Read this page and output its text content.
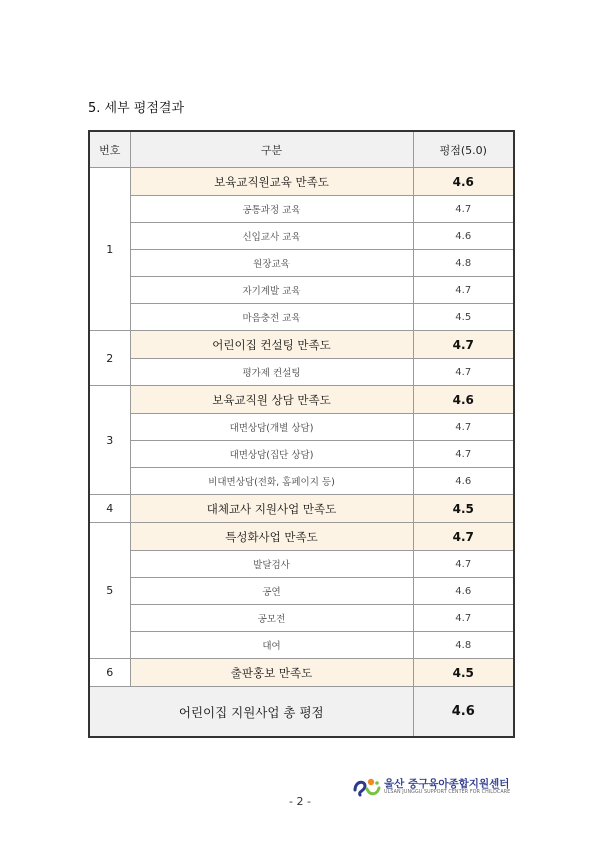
5. 세부 평점결과
번호	구분	평점(5.0)
1	보육교직원교육 만족도	4.6
	공통과정 교육	4.7
	신입교사 교육	4.6
	원장교육	4.8
	자기계발 교육	4.7
	마음충전 교육	4.5
2	어린이집 컨설팅 만족도	4.7
	평가제 컨설팅	4.7
3	보육교직원 상담 만족도	4.6
	대면상담(개별 상담)	4.7
	대면상담(집단 상담)	4.7
	비대면상담(전화, 홈페이지 등)	4.6
4	대체교사 지원사업 만족도	4.5
5	특성화사업 만족도	4.7
	발달검사	4.7
	공연	4.6
	공모전	4.7
	대여	4.8
6	출판홍보 만족도	4.5
어린이집 지원사업 총 평점		4.6
울산 중구육아종합지원센터
ULSAN JUNGGU SUPPORT CENTER FOR CHILDCARE
- 2 -
